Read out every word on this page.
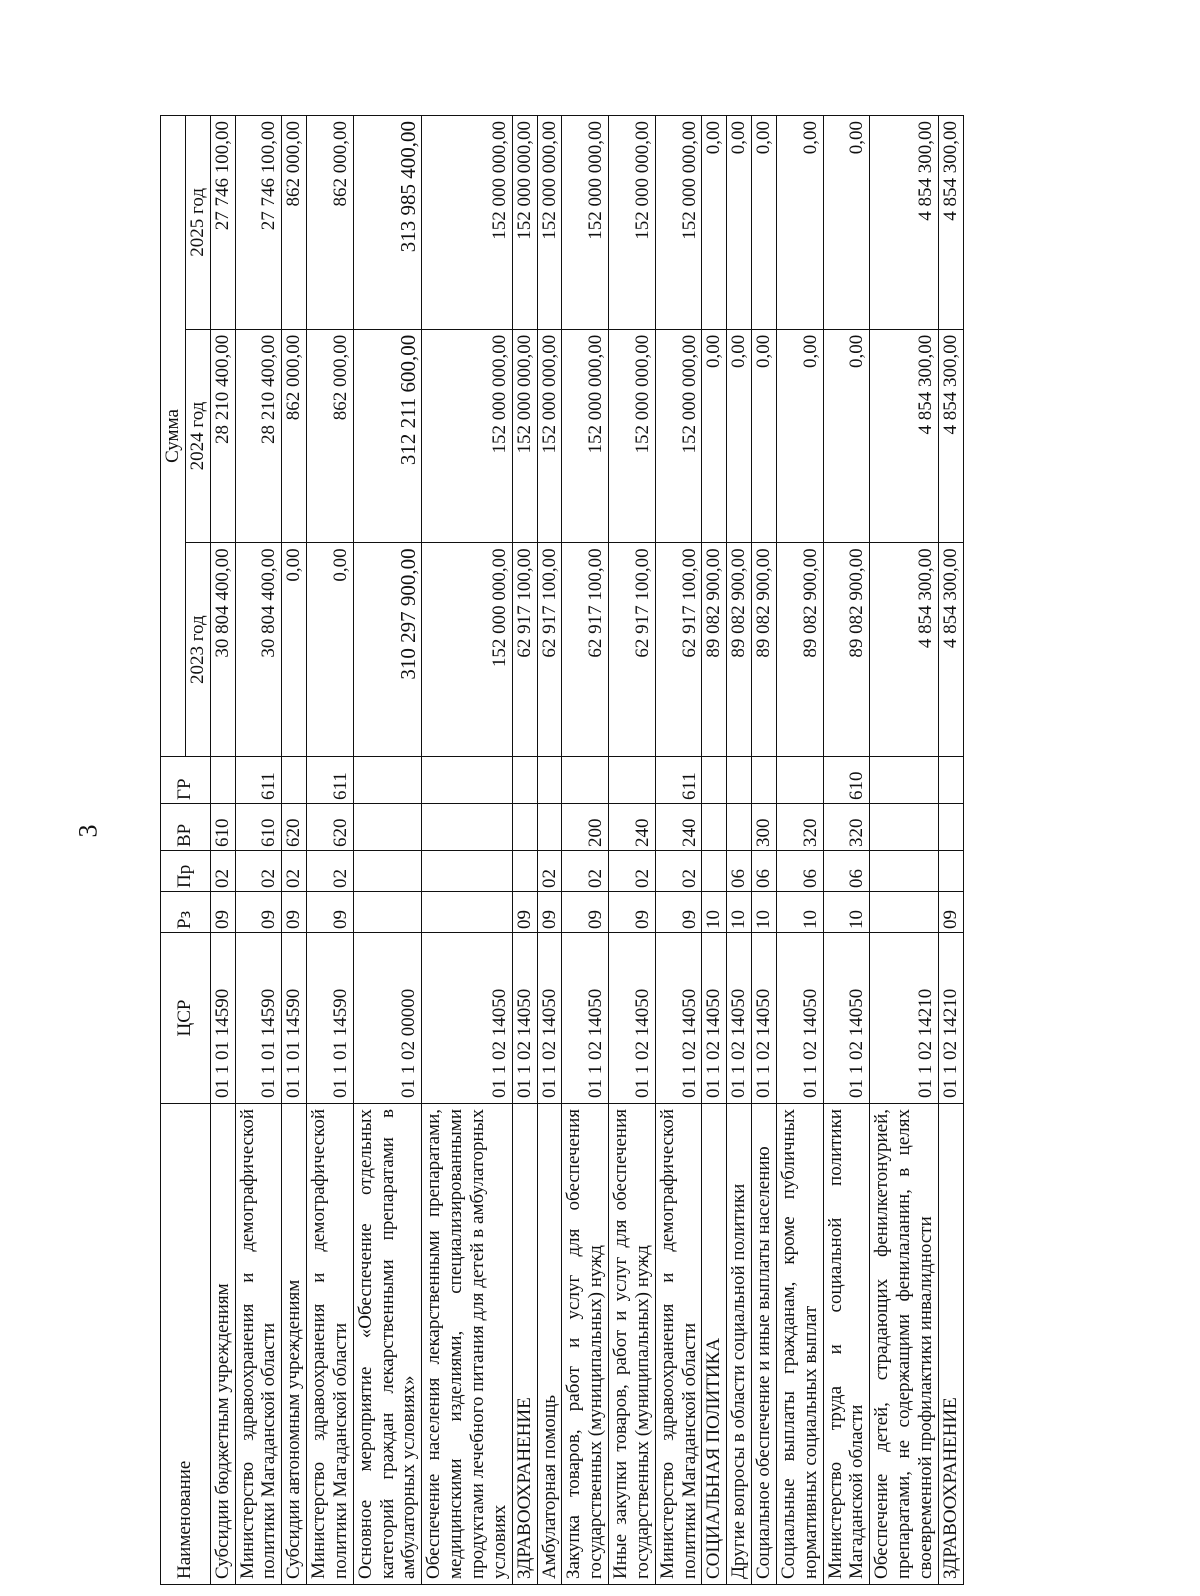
3
Наименование	ЦСР	Рз	Пр	ВР	ГР	Сумма		
						2023 год	2024 год	2025 год
Субсидии бюджетным учреждениям	01 1 01 14590	09	02	610		30 804 400,00	28 210 400,00	27 746 100,00
Министерство здравоохранения и демографической политики Магаданской области	01 1 01 14590	09	02	610	611	30 804 400,00	28 210 400,00	27 746 100,00
Субсидии автономным учреждениям	01 1 01 14590	09	02	620		0,00	862 000,00	862 000,00
Министерство здравоохранения и демографической политики Магаданской области	01 1 01 14590	09	02	620	611	0,00	862 000,00	862 000,00
Основное мероприятие «Обеспечение отдельных категорий граждан лекарственными препаратами в амбулаторных условиях»	01 1 02 00000					310 297 900,00	312 211 600,00	313 985 400,00
Обеспечение населения лекарственными препаратами, медицинскими изделиями, специализированными продуктами лечебного питания для детей в амбулаторных условиях	01 1 02 14050					152 000 000,00	152 000 000,00	152 000 000,00
ЗДРАВООХРАНЕНИЕ	01 1 02 14050	09				62 917 100,00	152 000 000,00	152 000 000,00
Амбулаторная помощь	01 1 02 14050	09	02			62 917 100,00	152 000 000,00	152 000 000,00
Закупка товаров, работ и услуг для обеспечения государственных (муниципальных) нужд	01 1 02 14050	09	02	200		62 917 100,00	152 000 000,00	152 000 000,00
Иные закупки товаров, работ и услуг для обеспечения государственных (муниципальных) нужд	01 1 02 14050	09	02	240		62 917 100,00	152 000 000,00	152 000 000,00
Министерство здравоохранения и демографической политики Магаданской области	01 1 02 14050	09	02	240	611	62 917 100,00	152 000 000,00	152 000 000,00
СОЦИАЛЬНАЯ ПОЛИТИКА	01 1 02 14050	10				89 082 900,00	0,00	0,00
Другие вопросы в области социальной политики	01 1 02 14050	10	06			89 082 900,00	0,00	0,00
Социальное обеспечение и иные выплаты населению	01 1 02 14050	10	06	300		89 082 900,00	0,00	0,00
Социальные выплаты гражданам, кроме публичных нормативных социальных выплат	01 1 02 14050	10	06	320		89 082 900,00	0,00	0,00
Министерство труда и социальной политики Магаданской области	01 1 02 14050	10	06	320	610	89 082 900,00	0,00	0,00
Обеспечение детей, страдающих фенилкетонурией, препаратами, не содержащими фенилаланин, в целях своевременной профилактики инвалидности	01 1 02 14210					4 854 300,00	4 854 300,00	4 854 300,00
ЗДРАВООХРАНЕНИЕ	01 1 02 14210	09				4 854 300,00	4 854 300,00	4 854 300,00
